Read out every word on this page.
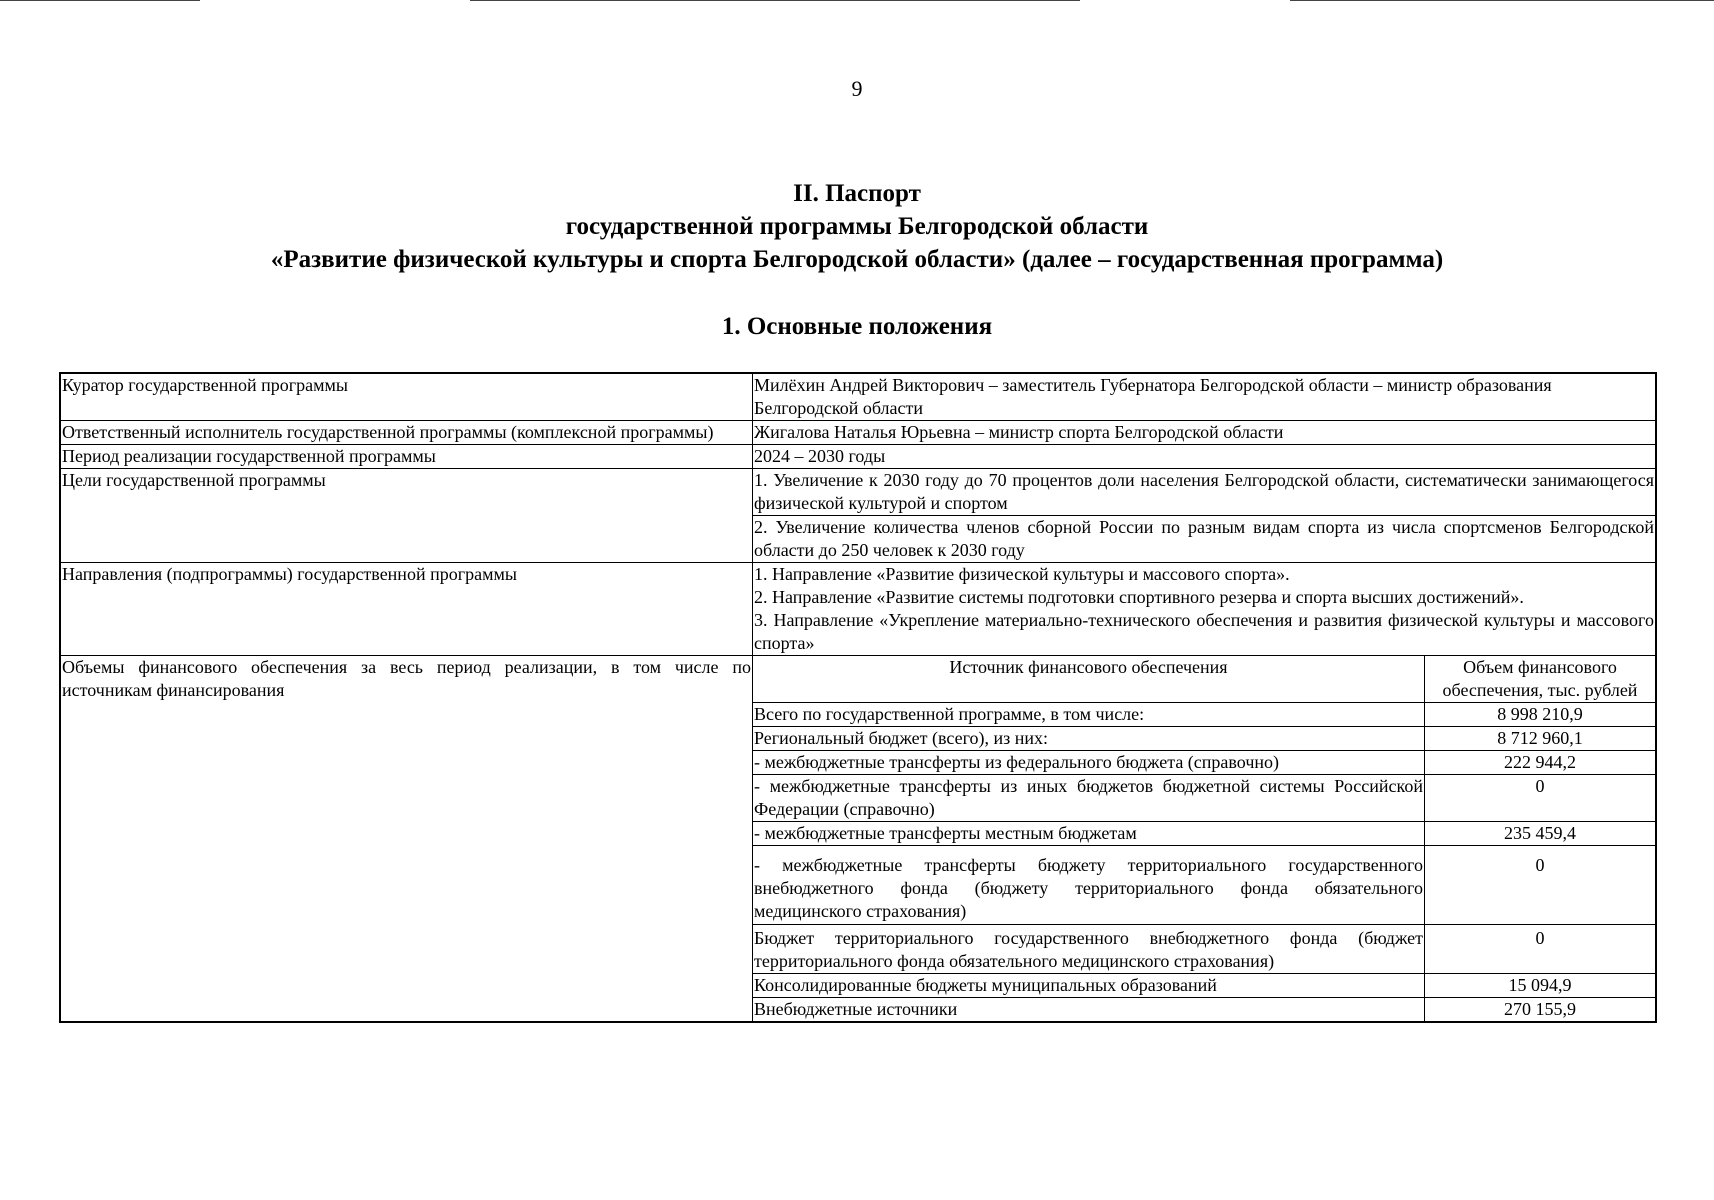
9
II. Паспорт
государственной программы Белгородской области
«Развитие физической культуры и спорта Белгородской области» (далее – государственная программа)
1. Основные положения
Куратор государственной программы	Милёхин Андрей Викторович – заместитель Губернатора Белгородской области – министр образования Белгородской области
Ответственный исполнитель государственной программы (комплексной программы)	Жигалова Наталья Юрьевна – министр спорта Белгородской области
Период реализации государственной программы	2024 – 2030 годы
Цели государственной программы	1. Увеличение к 2030 году до 70 процентов доли населения Белгородской области, систематически занимающегося физической культурой и спортом
2. Увеличение количества членов сборной России по разным видам спорта из числа спортсменов Белгородской области до 250 человек к 2030 году

Направления (подпрограммы) государственной программы	1. Направление «Развитие физической культуры и массового спорта».
2. Направление «Развитие системы подготовки спортивного резерва и спорта высших достижений».
3. Направление «Укрепление материально-технического обеспечения и развития физической культуры и массового спорта»

Объемы финансового обеспечения за весь период реализации, в том числе по источникам финансирования	
Источник финансового обеспечения	Объем финансового обеспечения, тыс. рублей
Всего по государственной программе, в том числе:	8 998 210,9
Региональный бюджет (всего), из них:	8 712 960,1
- межбюджетные трансферты из федерального бюджета (справочно)	222 944,2
- межбюджетные трансферты из иных бюджетов бюджетной системы Российской Федерации (справочно)	0
- межбюджетные трансферты местным бюджетам	235 459,4
- межбюджетные трансферты бюджету территориального государственного внебюджетного фонда (бюджету территориального фонда обязательного медицинского страхования)	0
Бюджет территориального государственного внебюджетного фонда (бюджет территориального фонда обязательного медицинского страхования)	0
Консолидированные бюджеты муниципальных образований	15 094,9
Внебюджетные источники	270 155,9
